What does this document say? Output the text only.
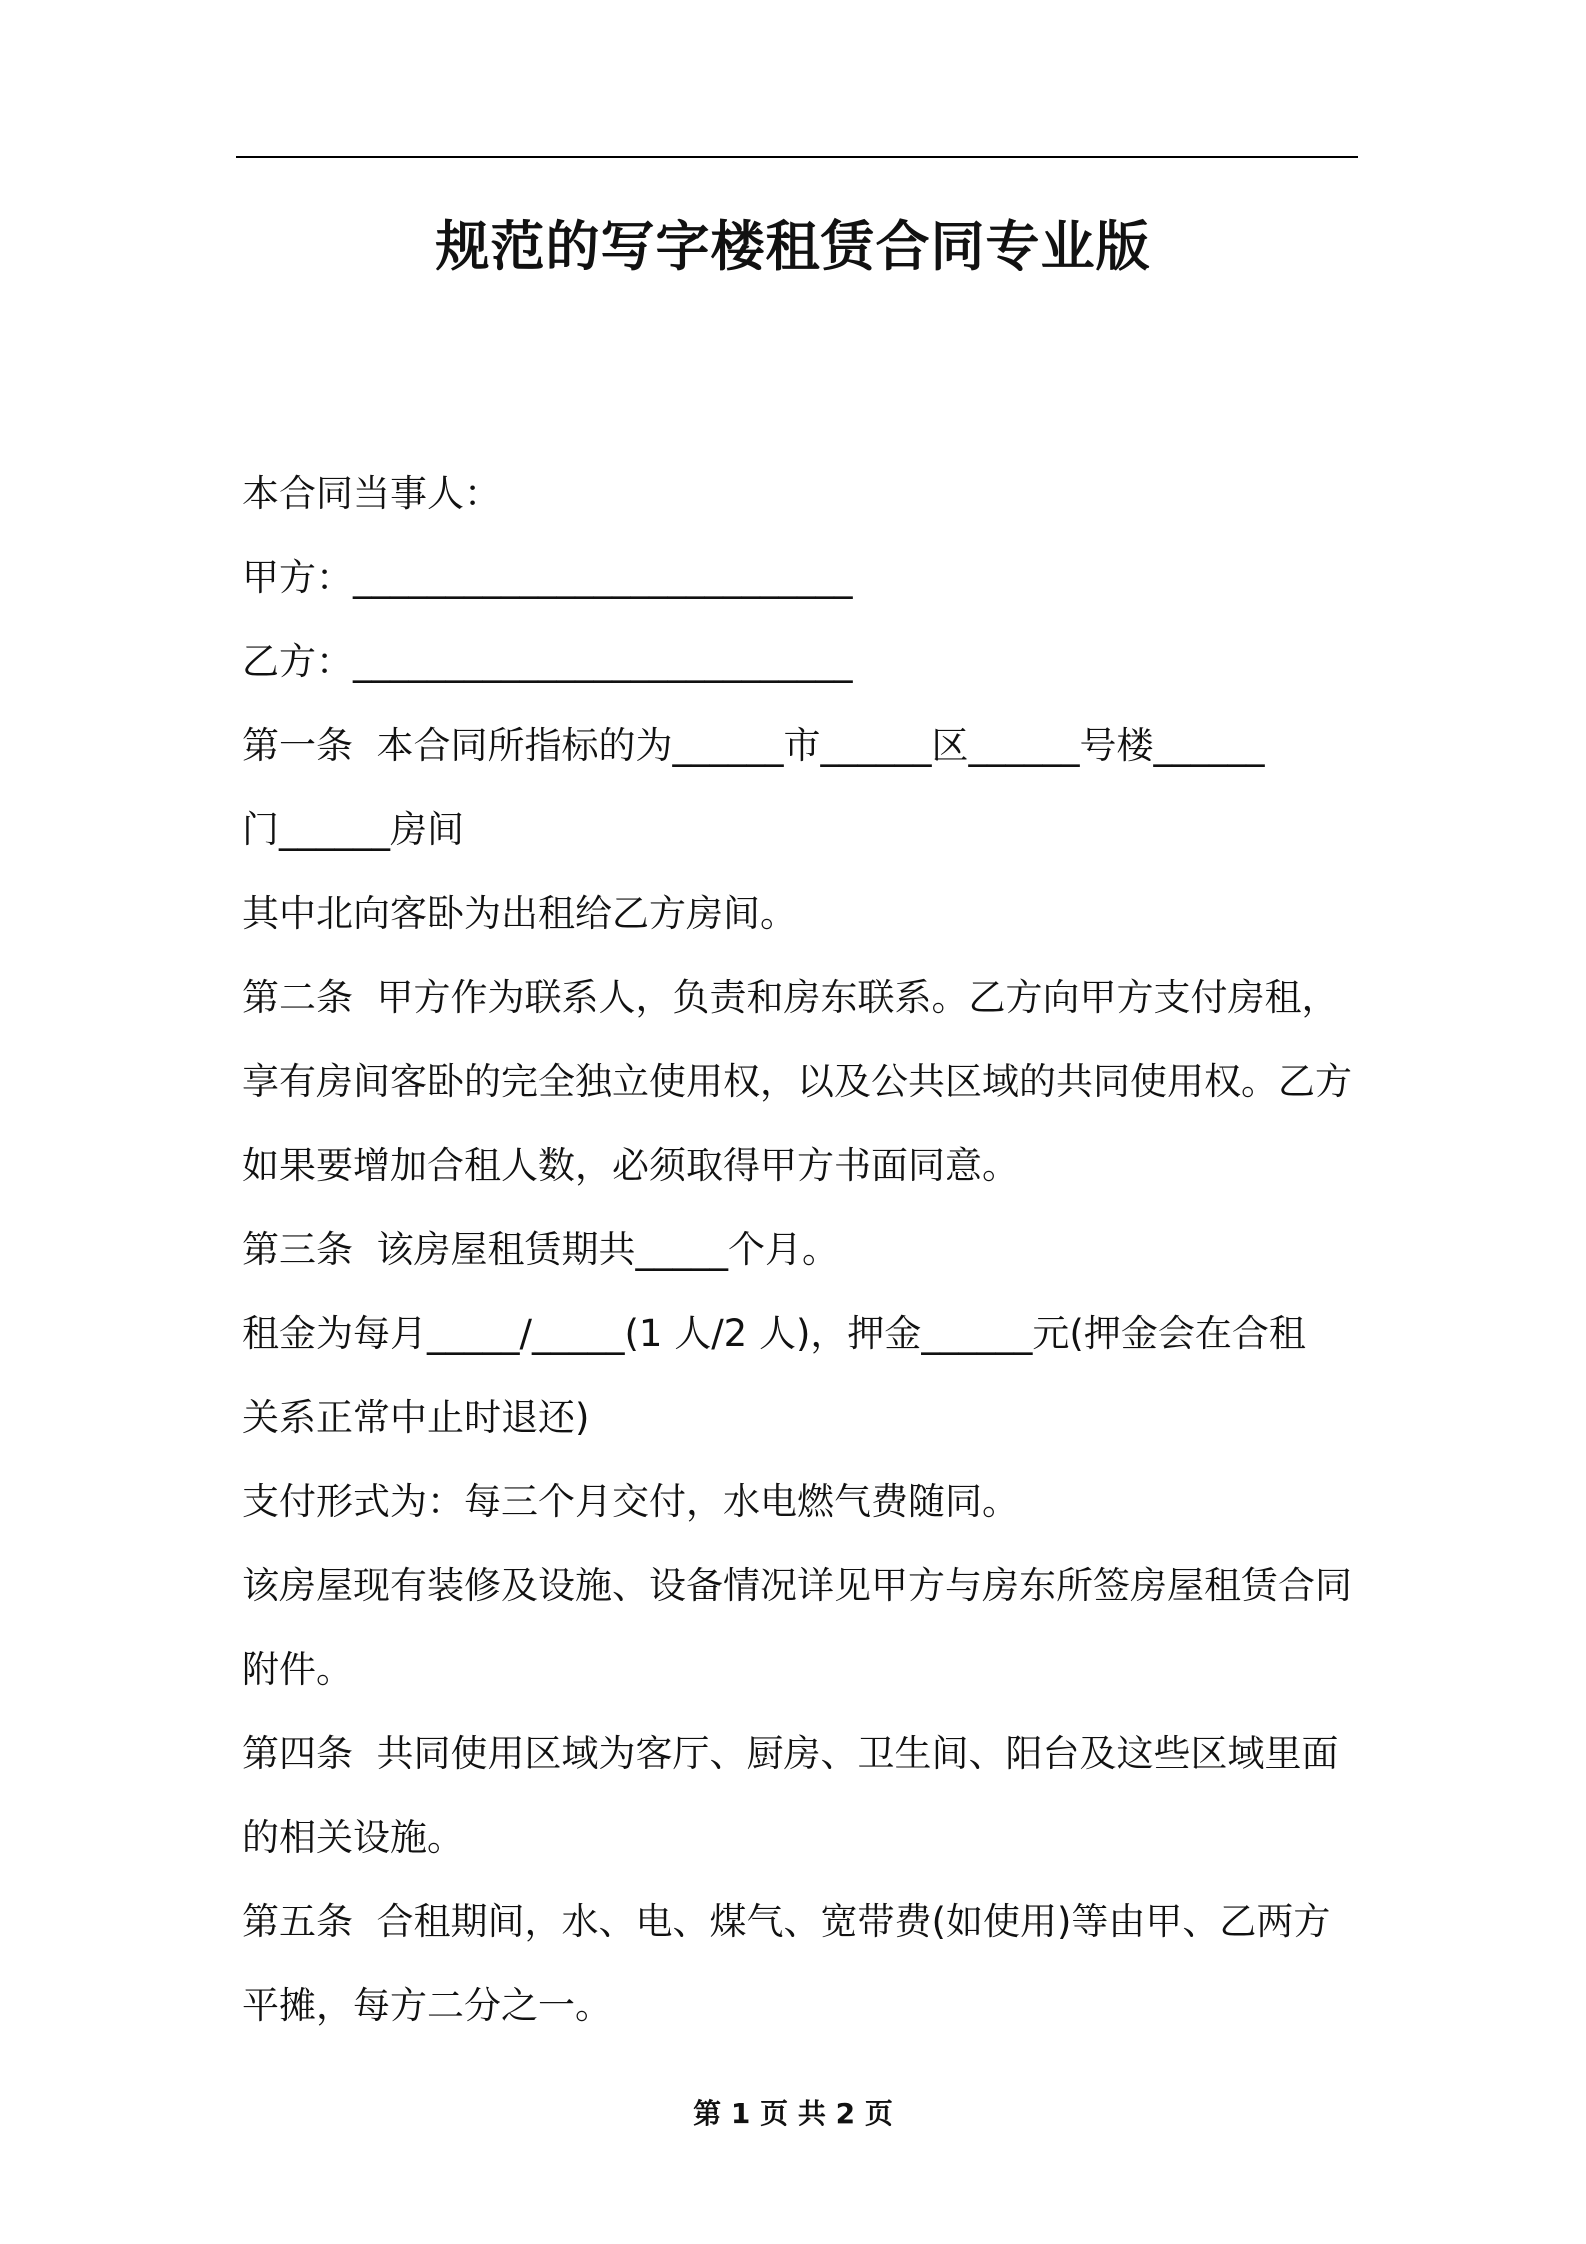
规范的写字楼租赁合同专业版

本合同当事人：

甲方：___________________________

乙方：___________________________

第一条  本合同所指标的为______市______区______号楼______

门______房间

其中北向客卧为出租给乙方房间。

第二条  甲方作为联系人，负责和房东联系。乙方向甲方支付房租，

享有房间客卧的完全独立使用权，以及公共区域的共同使用权。乙方

如果要增加合租人数，必须取得甲方书面同意。

第三条  该房屋租赁期共_____个月。

租金为每月_____/_____(1 人/2 人)，押金______元(押金会在合租

关系正常中止时退还)

支付形式为：每三个月交付，水电燃气费随同。

该房屋现有装修及设施、设备情况详见甲方与房东所签房屋租赁合同

附件。

第四条  共同使用区域为客厅、厨房、卫生间、阳台及这些区域里面

的相关设施。

第五条  合租期间，水、电、煤气、宽带费(如使用)等由甲、乙两方

平摊，每方二分之一。

第 1 页 共 2 页
